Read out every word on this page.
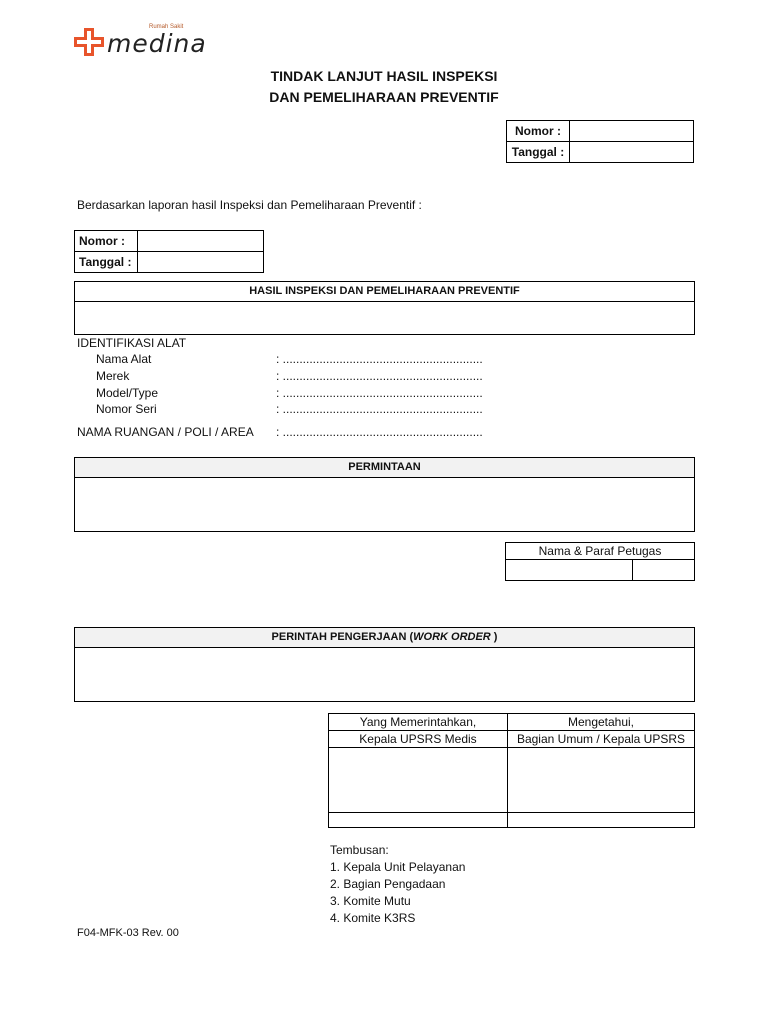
Rumah Sakit
medina
TINDAK LANJUT HASIL INSPEKSI
DAN PEMELIHARAAN PREVENTIF
Nomor :	
Tanggal :	
Berdasarkan laporan hasil Inspeksi dan Pemeliharaan Preventif :
Nomor :	
Tanggal :	
HASIL INSPEKSI DAN PEMELIHARAAN PREVENTIF
IDENTIFIKASI ALAT
Nama Alat	: ............................................................
Merek	: ............................................................
Model/Type	: ............................................................
Nomor Seri	: ............................................................
NAMA RUANGAN / POLI / AREA : ............................................................
PERMINTAAN
Nama & Paraf Petugas

PERINTAH PENGERJAAN (WORK ORDER )
Yang Memerintahkan,	Mengetahui,
Kepala UPSRS Medis	Bagian Umum / Kepala UPSRS

Tembusan:
1. Kepala Unit Pelayanan
2. Bagian Pengadaan
3. Komite Mutu
4. Komite K3RS
F04-MFK-03 Rev. 00
